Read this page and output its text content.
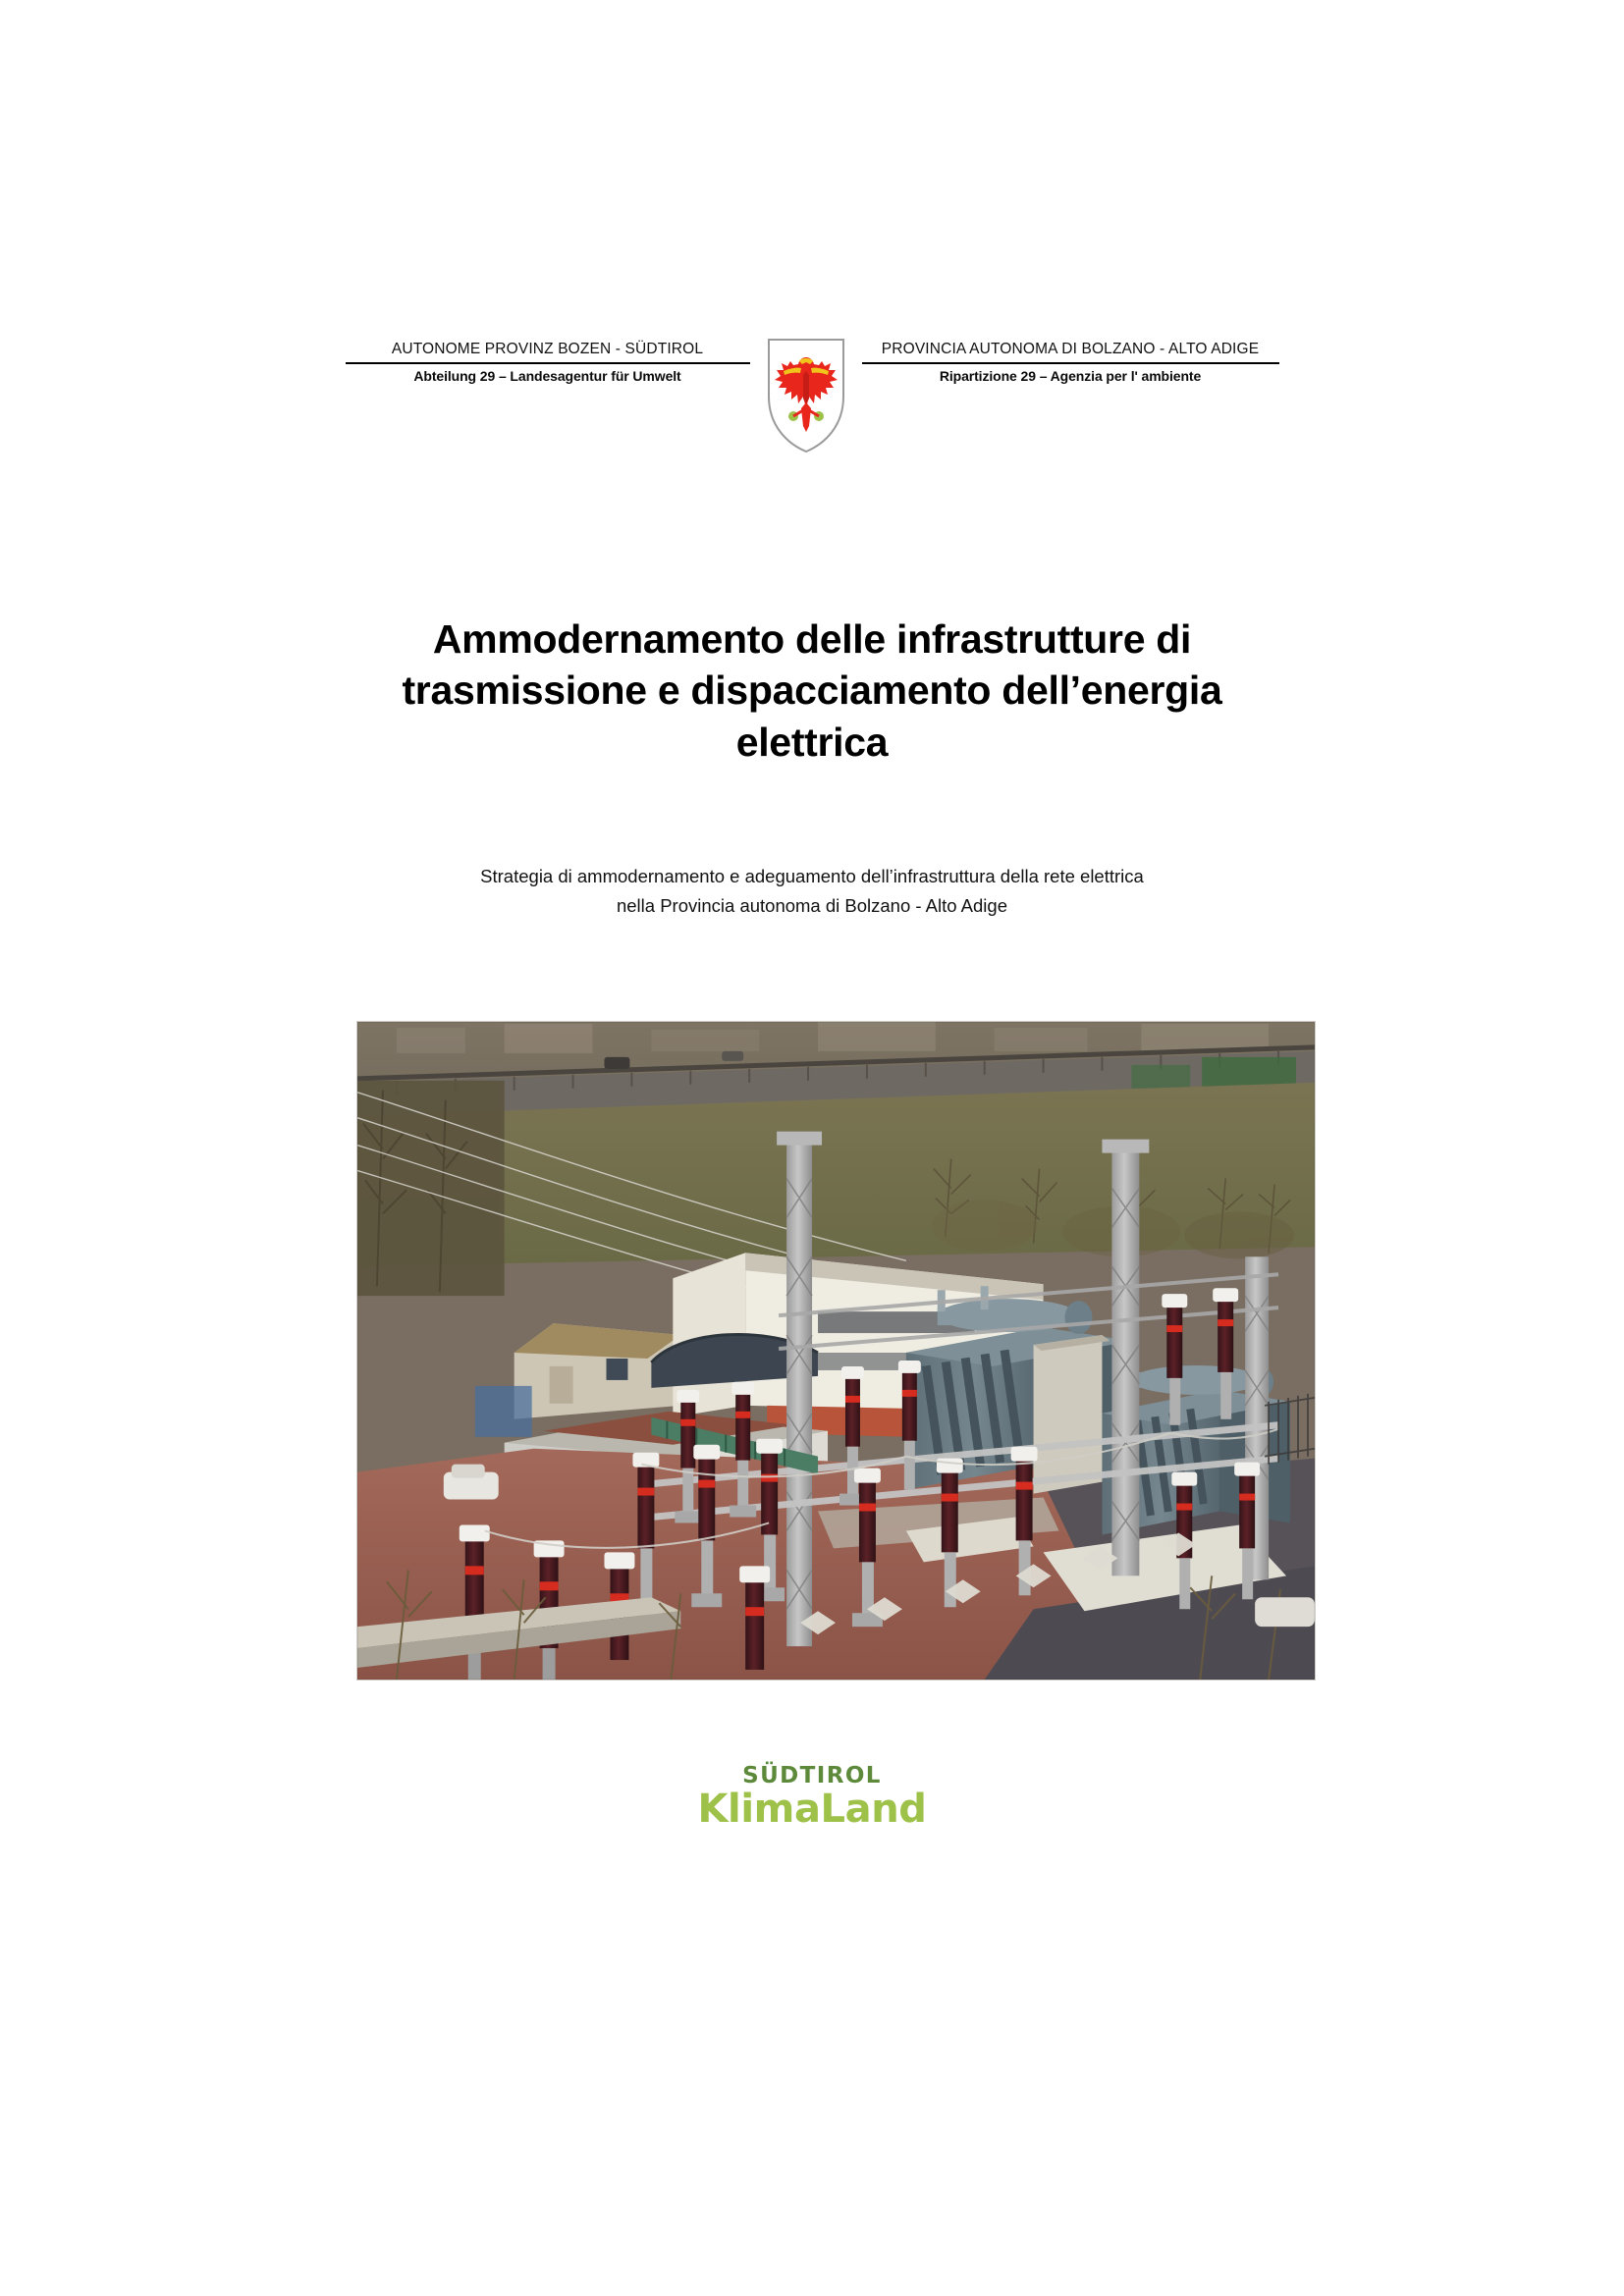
AUTONOME PROVINZ BOZEN - SÜDTIROL
Abteilung 29 – Landesagentur für Umwelt
PROVINCIA AUTONOMA DI BOLZANO - ALTO ADIGE
Ripartizione 29 – Agenzia per l' ambiente
Ammodernamento delle infrastrutture di
trasmissione e dispacciamento dell’energia
elettrica
Strategia di ammodernamento e adeguamento dell’infrastruttura della rete elettrica
nella Provincia autonoma di Bolzano - Alto Adige
SÜDTIROL
KlimaLand
